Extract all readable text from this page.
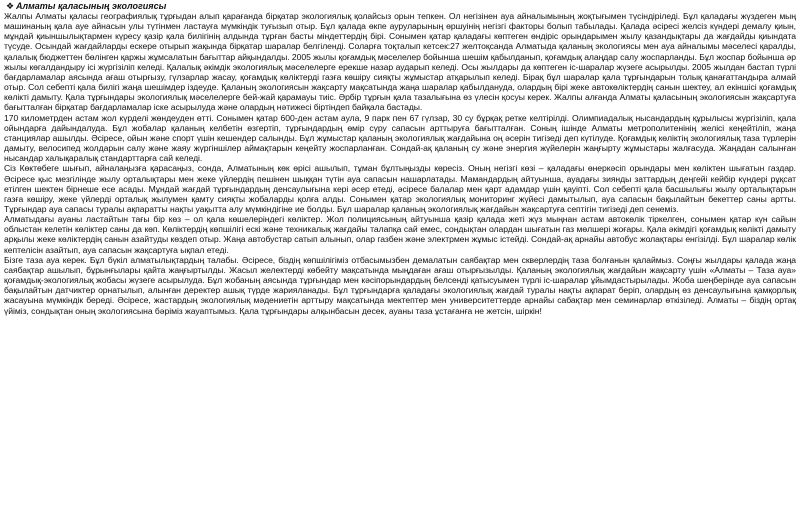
❖ Алматы қаласының экологиясы

Жалпы Алматы қаласы географиялық тұрғыдан алып қарағанда бірқатар экологиялық қолайсыз орын тепкен. Ол негізінен ауа айналымының жоқтығымен түсіндіріледі. Бұл қаладағы жүздеген мың машинаның қала ауе айнасын улы түтінмен ластауға мүмкіндік туғызып отыр. Бұл қалада өкпе ауруларының өршуінің негізгі факторы болып табылады. Қалада әсіресі желсіз күндері демалу қиын, мұндай қиыншылықтармен күресу қазір қала билігінің алдында тұрған басты міндеттердің бірі. Сонымен қатар қаладағы көптеген өндіріс орындарымен жылу қазандықтары да жағдайды қиындата түсуде. Осындай жағдайларды ескере отырып жақында бірқатар шаралар белгіленді. Соларға тоқталып кетсек:27 желтоқсанда Алматыда қаланың экологиясы мен ауа айналымы мәселесі қаралды, қалалық бюджеттен бөлінген қаржы жұмсалатын бағыттар айқындалды. 2005 жылы қоғамдық мәселелер бойынша шешім қабылданып, қоғамдық алаңдар салу жоспарланды. Бұл жоспар бойынша әр жылы көгалдандыру ісі жүргізіліп келеді. Қалалық әкімдік экологиялық мәселелерге ерекше назар аударып келеді. Осы жылдары да көптеген іс-шаралар жүзеге асырылды. 2005 жылдан бастап түрлі бағдарламалар аясында ағаш отырғызу, гүлзарлар жасау, қоғамдық көліктерді газға көшіру сияқты жұмыстар атқарылып келеді. Бірақ бұл шаралар қала тұрғындарын толық қанағаттандыра алмай отыр. Сол себепті қала билігі жаңа шешімдер іздеуде. Қаланың экологиясын жақсарту мақсатында жаңа шаралар қабылдануда, олардың бірі жеке автокөліктердің санын шектеу, ал екіншісі қоғамдық көлікті дамыту. Қала тұрғындары экологиялық мәселелерге бей-жай қарамауы тиіс. Әрбір тұрғын қала тазалығына өз үлесін қосуы керек. Жалпы алғанда Алматы қаласының экологиясын жақсартуға бағытталған бірқатар бағдарламалар іске асырылуда және олардың нәтижесі біртіндеп байқала бастады.

170 километрден астам жол күрделі жөндеуден өтті. Сонымен қатар 600-ден астам аула, 9 парк пен 67 гүлзар, 30 су бұрқақ ретке келтірілді. Олимпиадалық нысандардың құрылысы жүргізіліп, қала ойындарға дайындалуда. Бұл жобалар қаланың келбетін өзгертіп, тұрғындардың өмір сүру сапасын арттыруға бағытталған. Соның ішінде Алматы метрополитенінің желісі кеңейтіліп, жаңа станциялар ашылды. Әсіресе, ойын және спорт үшін кешендер салынды. Бұл жұмыстар қаланың экологиялық жағдайына оң әсерін тигізеді деп күтілуде. Қоғамдық көліктің экологиялық таза түрлерін дамыту, велосипед жолдарын салу және жаяу жүргіншілер аймақтарын кеңейту жоспарланған. Сондай-ақ қаланың су және энергия жүйелерін жаңғырту жұмыстары жалғасуда. Жаңадан салынған нысандар халықаралық стандарттарға сай келеді.

Сіз Көктөбеге шығып, айналаңызға қарасаңыз, сонда, Алматының көк өрісі ашылып, тұман бұлтыңызды көресіз. Оның негізгі көзі – қаладағы өнеркәсіп орындары мен көліктен шығатын газдар. Әсіресе қыс мезгілінде жылу орталықтары мен жеке үйлердің пешінен шыққан түтін ауа сапасын нашарлатады. Мамандардың айтуынша, ауадағы зиянды заттардың деңгейі кейбір күндері рұқсат етілген шектен бірнеше есе асады. Мұндай жағдай тұрғындардың денсаулығына кері әсер етеді, әсіресе балалар мен қарт адамдар үшін қауіпті. Сол себепті қала басшылығы жылу орталықтарын газға көшіру, жеке үйлерді орталық жылумен қамту сияқты жобаларды қолға алды. Сонымен қатар экологиялық мониторинг жүйесі дамытылып, ауа сапасын бақылайтын бекеттер саны артты. Тұрғындар ауа сапасы туралы ақпаратты нақты уақытта алу мүмкіндігіне ие болды. Бұл шаралар қаланың экологиялық жағдайын жақсартуға септігін тигізеді деп сенеміз.

Алматыдағы ауаны ластайтын тағы бір көз – ол қала көшелеріндегі көліктер. Жол полициясының айтуынша қазір қалада жеті жүз мыңнан астам автокөлік тіркелген, сонымен қатар күн сайын облыстан келетін көліктер саны да көп. Көліктердің көпшілігі ескі және техникалық жағдайы талапқа сай емес, сондықтан олардан шығатын газ мөлшері жоғары. Қала әкімдігі қоғамдық көлікті дамыту арқылы жеке көліктердің санын азайтуды көздеп отыр. Жаңа автобустар сатып алынып, олар газбен және электрмен жұмыс істейді. Сондай-ақ арнайы автобус жолақтары енгізілді. Бұл шаралар көлік кептелісін азайтып, ауа сапасын жақсартуға ықпал етеді.

Бізге таза ауа керек. Бұл бүкіл алматылықтардың талабы. Әсіресе, біздің көпшілігіміз отбасымызбен демалатын саябақтар мен скверлердің таза болғанын қалаймыз. Соңғы жылдары қалада жаңа саябақтар ашылып, бұрынғылары қайта жаңғыртылды. Жасыл желектерді көбейту мақсатында мыңдаған ағаш отырғызылды. Қаланың экологиялық жағдайын жақсарту үшін «Алматы – Таза ауа» қоғамдық-экологиялық жобасы жүзеге асырылуда. Бұл жобаның аясында тұрғындар мен кәсіпорындардың белсенді қатысуымен түрлі іс-шаралар ұйымдастырылады. Жоба шеңберінде ауа сапасын бақылайтын датчиктер орнатылып, алынған деректер ашық түрде жарияланады. Бұл тұрғындарға қаладағы экологиялық жағдай туралы нақты ақпарат беріп, олардың өз денсаулығына қамқорлық жасауына мүмкіндік береді. Әсіресе, жастардың экологиялық мәдениетін арттыру мақсатында мектептер мен университеттерде арнайы сабақтар мен семинарлар өткізіледі. Алматы – біздің ортақ үйіміз, сондықтан оның экологиясына бәріміз жауаптымыз. Қала тұрғындары алқынбасын десек, ауаны таза ұстағанға не жетсін, шіркін!
